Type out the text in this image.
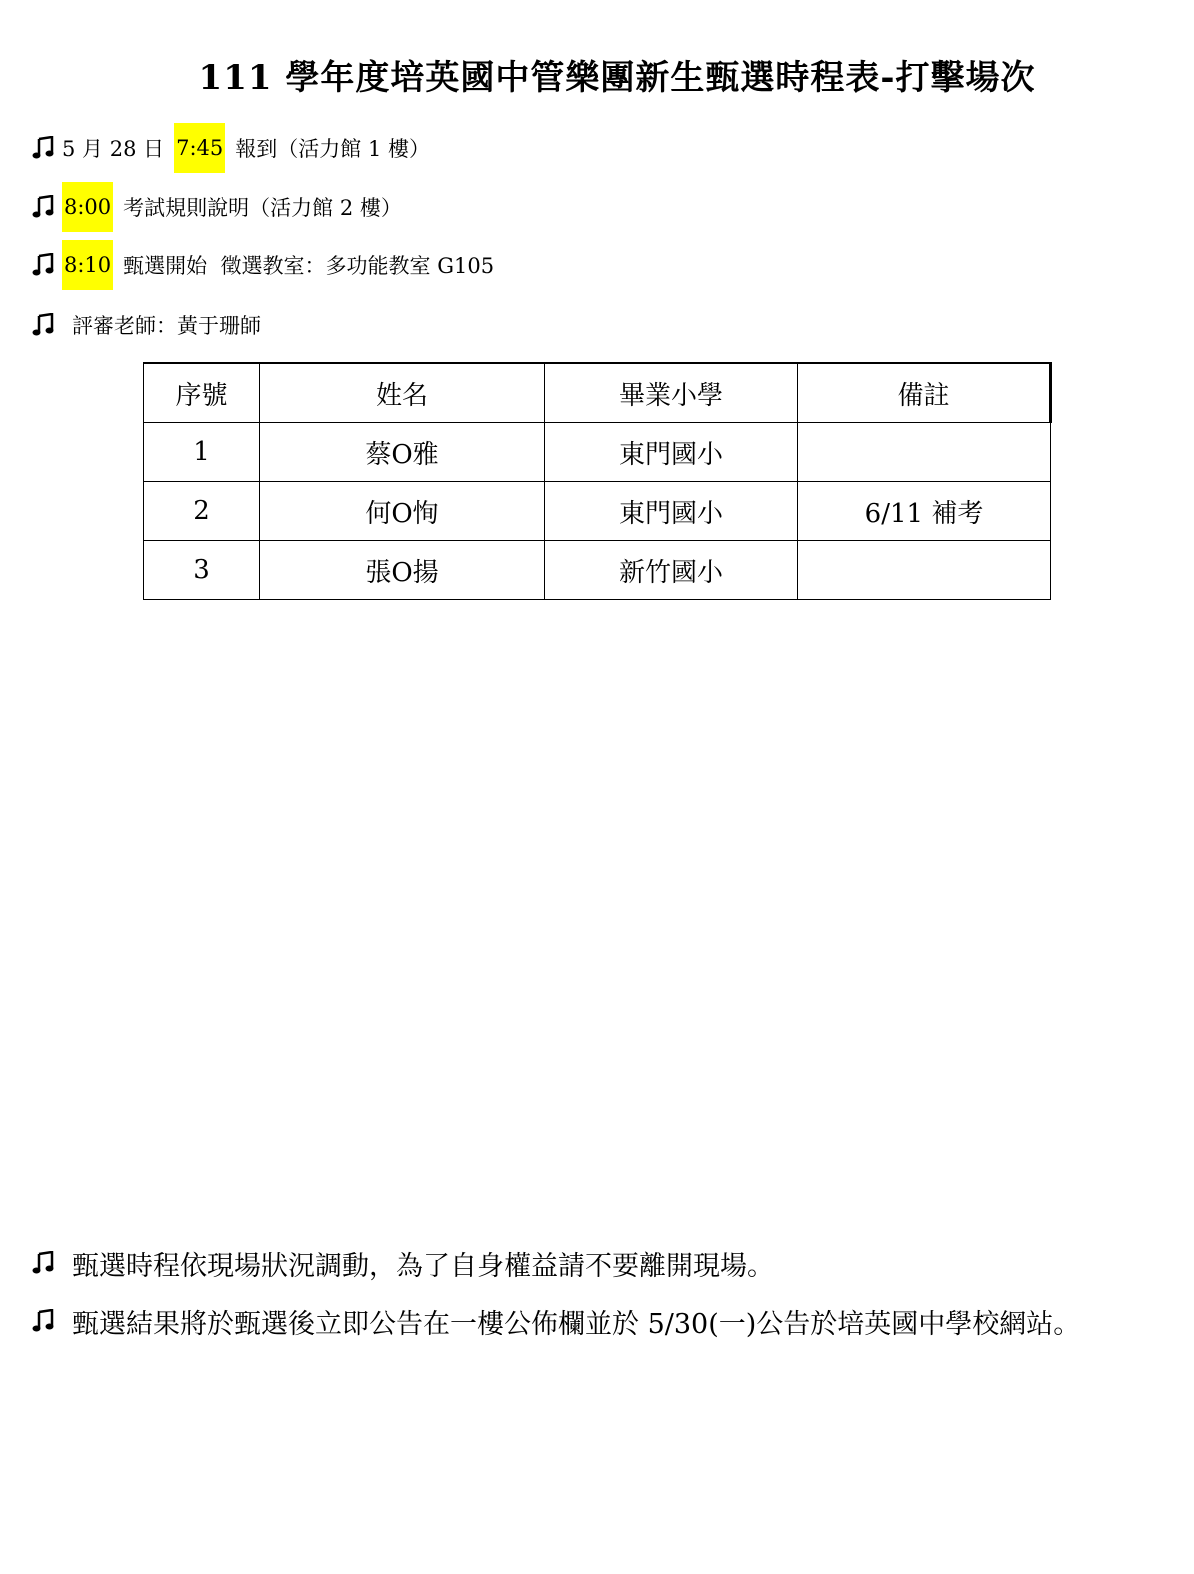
111 學年度培英國中管樂團新生甄選時程表-打擊場次
5 月 28 日 7:45 報到（活力館 1 樓）
8:00 考試規則說明（活力館 2 樓）
8:10 甄選開始  徵選教室：多功能教室 G105
評審老師：黃于珊師
序號	姓名	畢業小學	備註
1	蔡O雅	東門國小	
2	何O恂	東門國小	6/11 補考
3	張O揚	新竹國小	
甄選時程依現場狀況調動，為了自身權益請不要離開現場。
甄選結果將於甄選後立即公告在一樓公佈欄並於 5/30(一)公告於培英國中學校網站。
